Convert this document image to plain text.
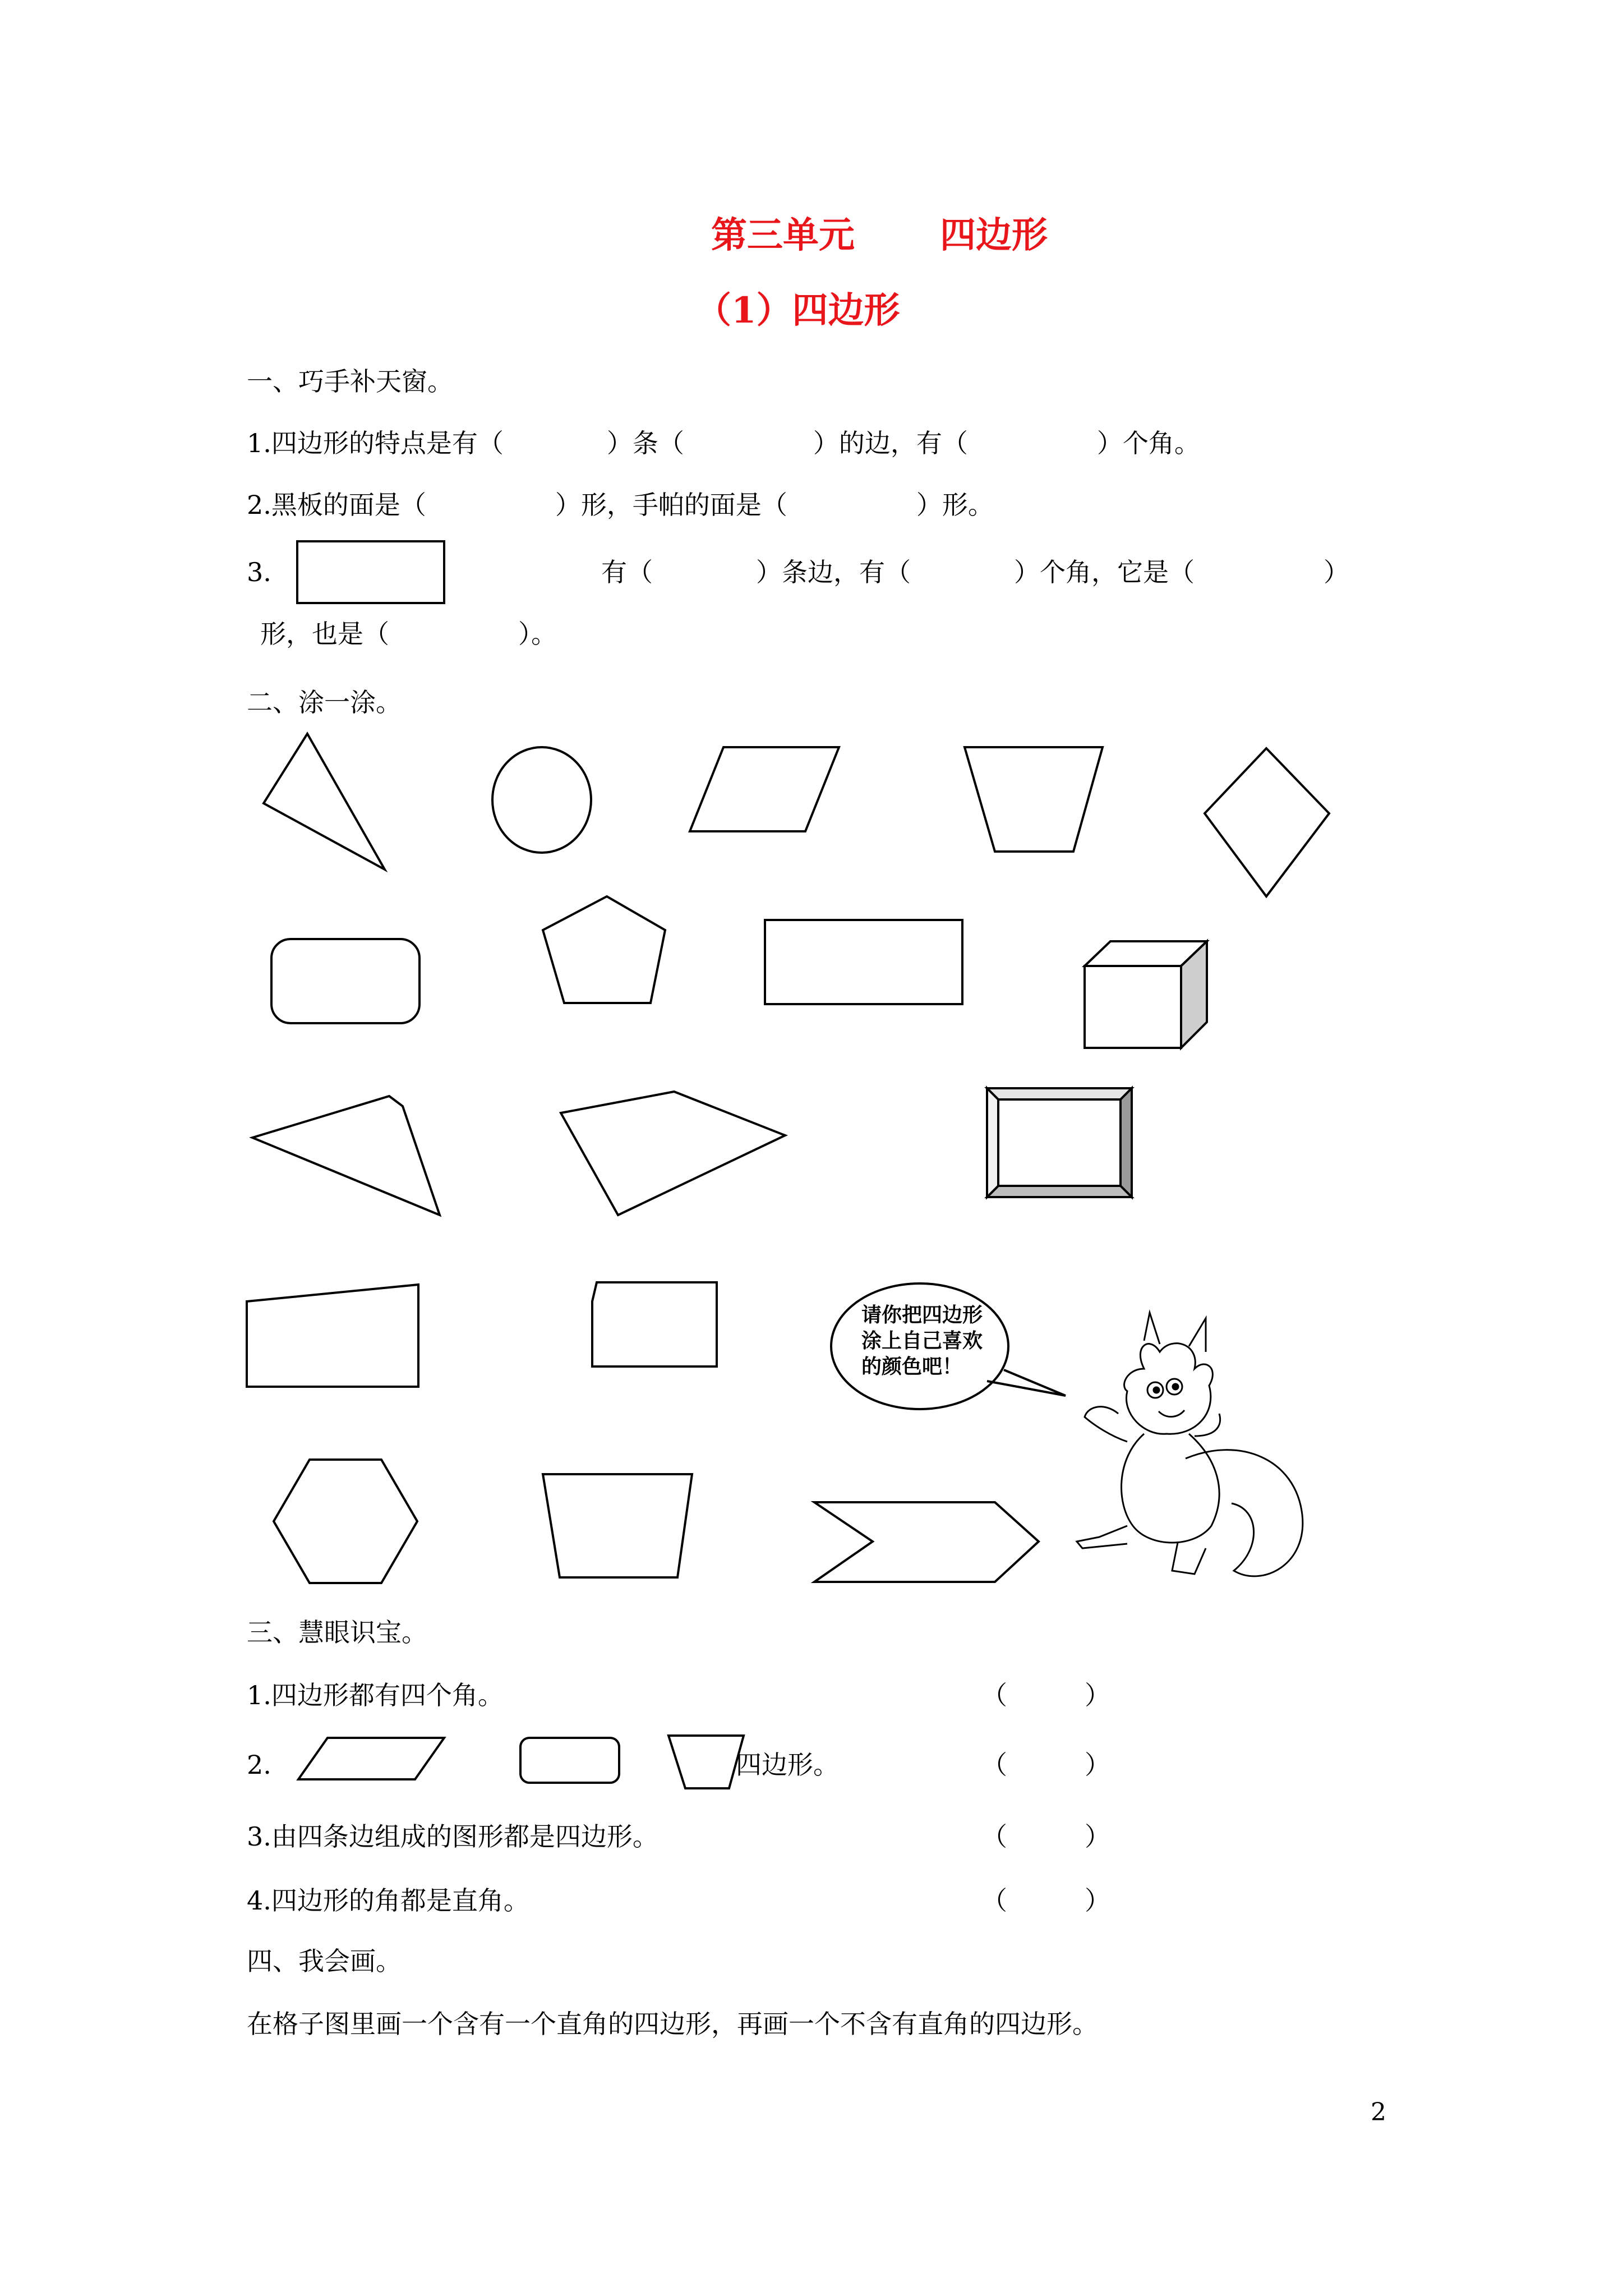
第三单元 四边形
（1）四边形
一、巧手补天窗。
1.四边形的特点是有（　　　　）条（　　　　　）的边，有（　　　　　）个角。
2.黑板的面是（　　　　　）形，手帕的面是（　　　　　）形。
3.	有（　　　　）条边，有（　　　　）个角，它是（　　　　　）
形，也是（　　　　　）。
二、涂一涂。
三、慧眼识宝。
1.四边形都有四个角。	（　　　）
2.	四边形。	（　　　）
3.由四条边组成的图形都是四边形。	（　　　）
4.四边形的角都是直角。	（　　　）
四、我会画。
在格子图里画一个含有一个直角的四边形，再画一个不含有直角的四边形。
2
请你把四边形
涂上自己喜欢
的颜色吧！
